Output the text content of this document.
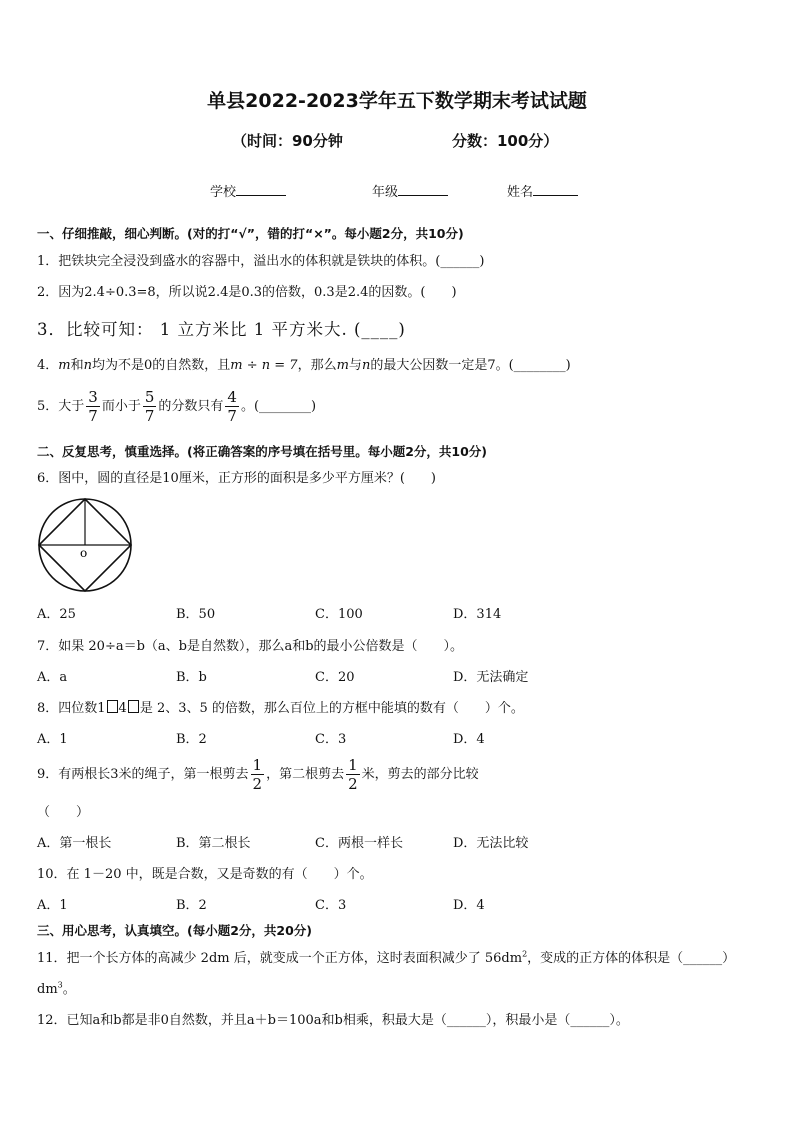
单县2022-2023学年五下数学期末考试试题
（时间：90分钟	分数：100分）
学校	年级	姓名
一、仔细推敲，细心判断。(对的打“√”，错的打“×”。每小题2分，共10分)
1．把铁块完全浸没到盛水的容器中，溢出水的体积就是铁块的体积。(______)
2．因为2.4÷0.3=8，所以说2.4是0.3的倍数，0.3是2.4的因数。(　　)
3．比较可知： 1 立方米比 1 平方米大. (____)
4．m和n均为不是0的自然数，且m ÷ n = 7，那么m与n的最大公因数一定是7。(________)
5．大于 $\frac{3}{7}$ 而小于 $\frac{5}{7}$ 的分数只有 $\frac{4}{7}$ 。(________)
二、反复思考，慎重选择。(将正确答案的序号填在括号里。每小题2分，共10分)
6．图中，圆的直径是10厘米，正方形的面积是多少平方厘米？(　　)
o
A．25	B．50	C．100	D．314
7．如果 20÷a＝b（a、b是自然数），那么a和b的最小公倍数是（　　）。
A．a	B．b	C．20	D．无法确定
8．四位数1 4 是 2、3、5 的倍数，那么百位上的方框中能填的数有（　　）个。
A．1	B．2	C．3	D．4
9．有两根长3米的绳子，第一根剪去 $\frac{1}{2}$ ，第二根剪去 $\frac{1}{2}$ 米，剪去的部分比较
（　　）
A．第一根长	B．第二根长	C．两根一样长	D．无法比较
10．在 1－20 中，既是合数，又是奇数的有（　　）个。
A．1	B．2	C．3	D．4
三、用心思考，认真填空。(每小题2分，共20分)
11．把一个长方体的高减少 2dm 后，就变成一个正方体，这时表面积减少了 $56dm^2$，变成的正方体的体积是（______）
$dm^3$。
12．已知a和b都是非0自然数，并且a＋b＝100a和b相乘，积最大是（______），积最小是（______）。
